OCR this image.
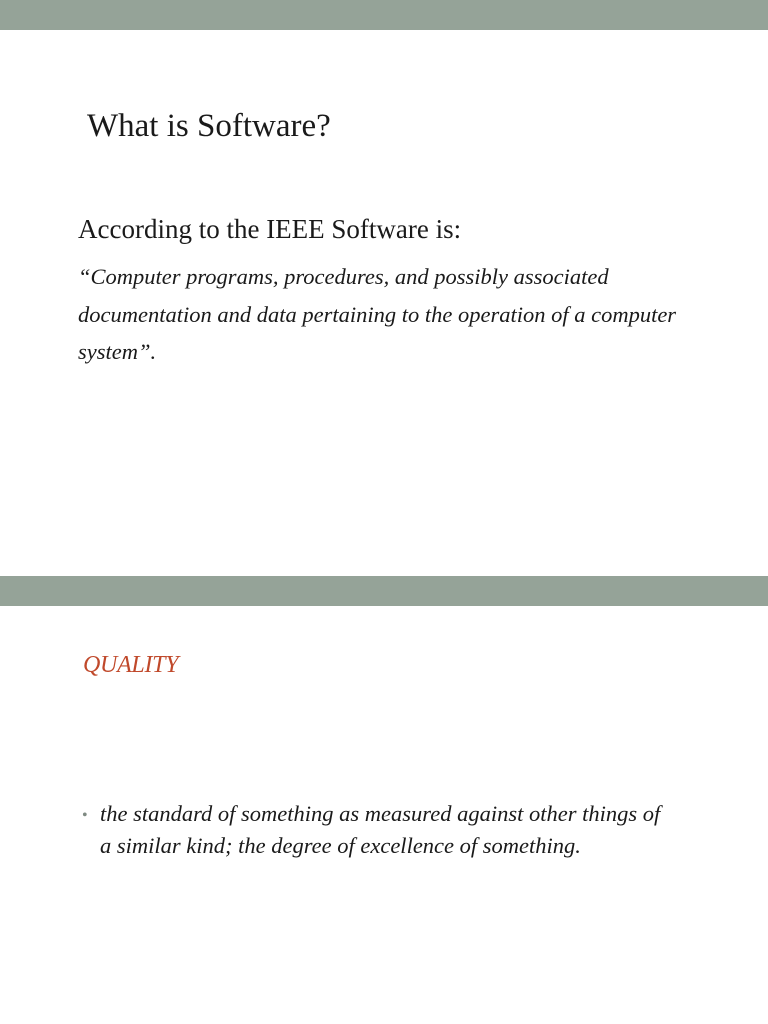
What is Software?
According to the IEEE Software is:
“Computer programs, procedures, and possibly associated documentation and data pertaining to the operation of a computer system”.
QUALITY
• the standard of something as measured against other things of a similar kind; the degree of excellence of something.
